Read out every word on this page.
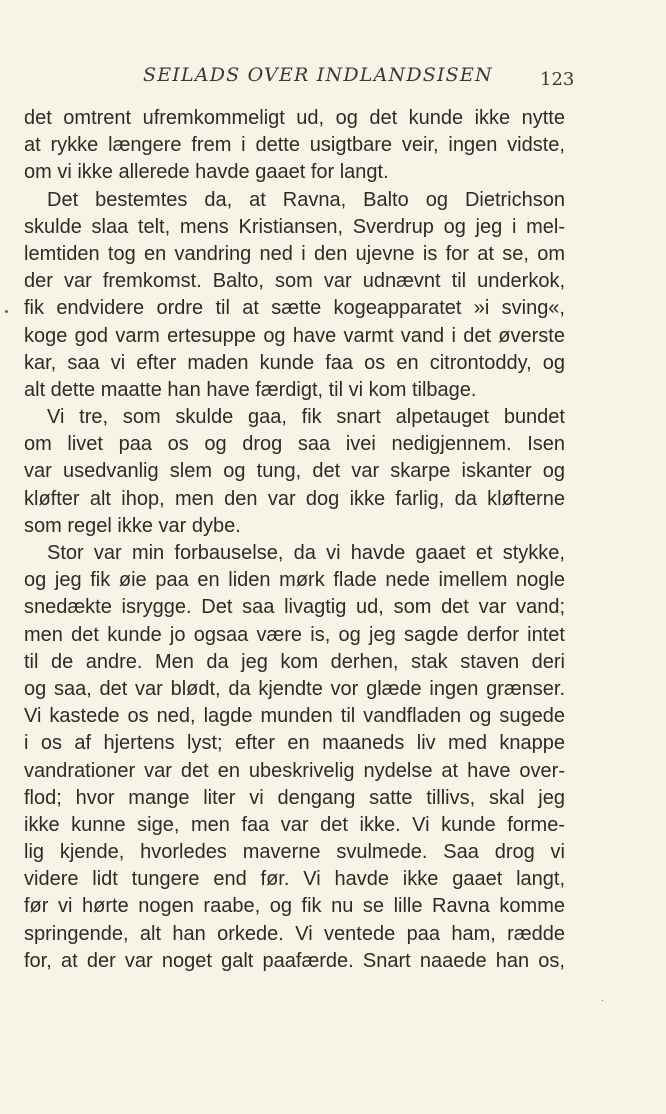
SEILADS OVER INDLANDSISEN	123
det omtrent ufremkommeligt ud, og det kunde ikke nytte
at rykke længere frem i dette usigtbare veir, ingen vidste,
om vi ikke allerede havde gaaet for langt.
Det bestemtes da, at Ravna, Balto og Dietrichson
skulde slaa telt, mens Kristiansen, Sverdrup og jeg i mel-
lemtiden tog en vandring ned i den ujevne is for at se, om
der var fremkomst. Balto, som var udnævnt til underkok,
fik endvidere ordre til at sætte kogeapparatet »i sving«,
koge god varm ertesuppe og have varmt vand i det øverste
kar, saa vi efter maden kunde faa os en citrontoddy, og
alt dette maatte han have færdigt, til vi kom tilbage.
Vi tre, som skulde gaa, fik snart alpetauget bundet
om livet paa os og drog saa ivei nedigjennem. Isen
var usedvanlig slem og tung, det var skarpe iskanter og
kløfter alt ihop, men den var dog ikke farlig, da kløfterne
som regel ikke var dybe.
Stor var min forbauselse, da vi havde gaaet et stykke,
og jeg fik øie paa en liden mørk flade nede imellem nogle
snedækte isrygge. Det saa livagtig ud, som det var vand;
men det kunde jo ogsaa være is, og jeg sagde derfor intet
til de andre. Men da jeg kom derhen, stak staven deri
og saa, det var blødt, da kjendte vor glæde ingen grænser.
Vi kastede os ned, lagde munden til vandfladen og sugede
i os af hjertens lyst; efter en maaneds liv med knappe
vandrationer var det en ubeskrivelig nydelse at have over-
flod; hvor mange liter vi dengang satte tillivs, skal jeg
ikke kunne sige, men faa var det ikke. Vi kunde forme-
lig kjende, hvorledes maverne svulmede. Saa drog vi
videre lidt tungere end før. Vi havde ikke gaaet langt,
før vi hørte nogen raabe, og fik nu se lille Ravna komme
springende, alt han orkede. Vi ventede paa ham, rædde
for, at der var noget galt paafærde. Snart naaede han os,
